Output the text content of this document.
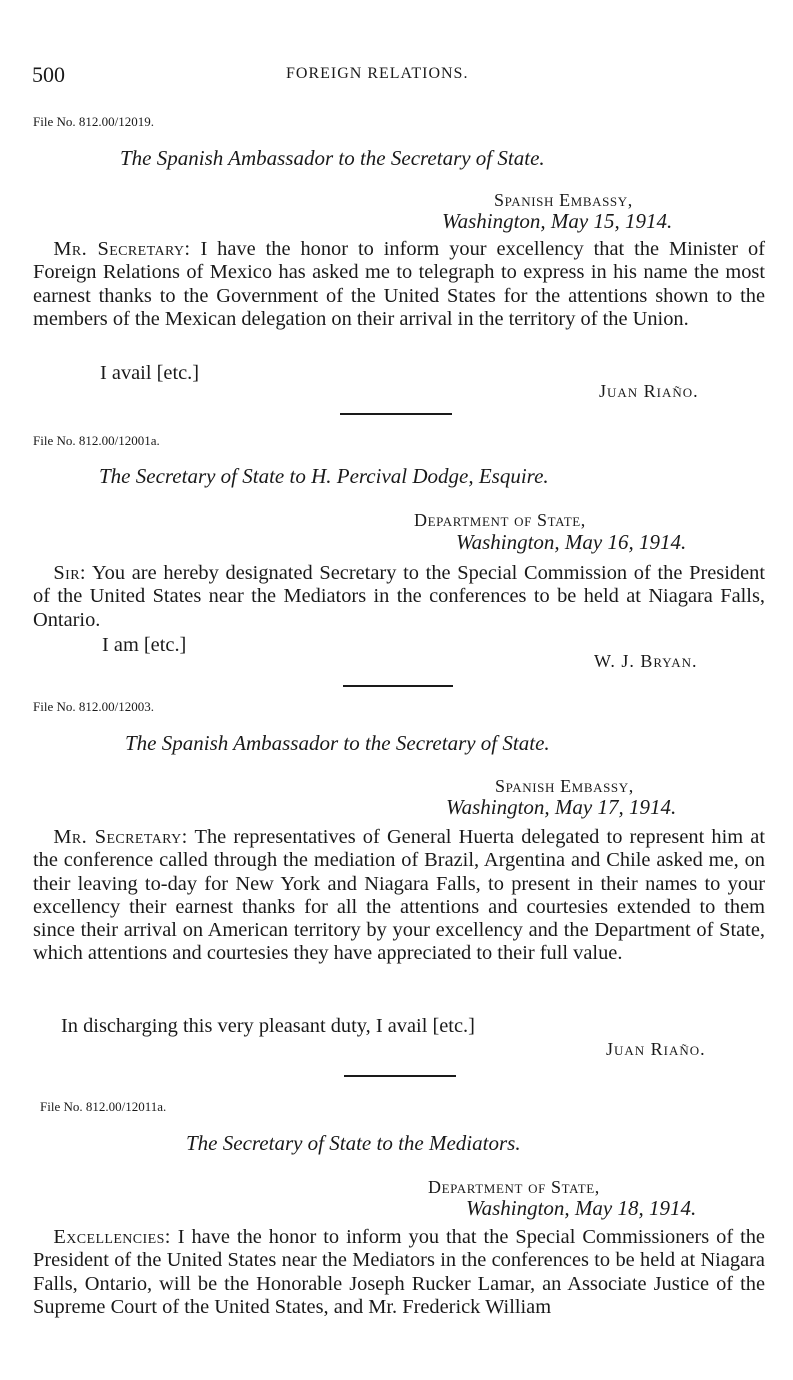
500	FOREIGN RELATIONS.
File No. 812.00/12019.
The Spanish Ambassador to the Secretary of State.
Spanish Embassy,
Washington, May 15, 1914.
 Mr. Secretary: I have the honor to inform your excellency that the Minister of Foreign Relations of Mexico has asked me to telegraph to express in his name the most earnest thanks to the Government of the United States for the attentions shown to the members of the Mexican delegation on their arrival in the territory of the Union.
I avail [etc.]
Juan Riaño.
File No. 812.00/12001a.
The Secretary of State to H. Percival Dodge, Esquire.
Department of State,
Washington, May 16, 1914.
 Sir: You are hereby designated Secretary to the Special Commission of the President of the United States near the Mediators in the conferences to be held at Niagara Falls, Ontario.
I am [etc.]
W. J. Bryan.
File No. 812.00/12003.
The Spanish Ambassador to the Secretary of State.
Spanish Embassy,
Washington, May 17, 1914.
 Mr. Secretary: The representatives of General Huerta delegated to represent him at the conference called through the mediation of Brazil, Argentina and Chile asked me, on their leaving to-day for New York and Niagara Falls, to present in their names to your excellency their earnest thanks for all the attentions and courtesies extended to them since their arrival on American territory by your excellency and the Department of State, which attentions and courtesies they have appreciated to their full value.
In discharging this very pleasant duty, I avail [etc.]
Juan Riaño.
File No. 812.00/12011a.
The Secretary of State to the Mediators.
Department of State,
Washington, May 18, 1914.
 Excellencies: I have the honor to inform you that the Special Commissioners of the President of the United States near the Mediators in the conferences to be held at Niagara Falls, Ontario, will be the Honorable Joseph Rucker Lamar, an Associate Justice of the Supreme Court of the United States, and Mr. Frederick William
